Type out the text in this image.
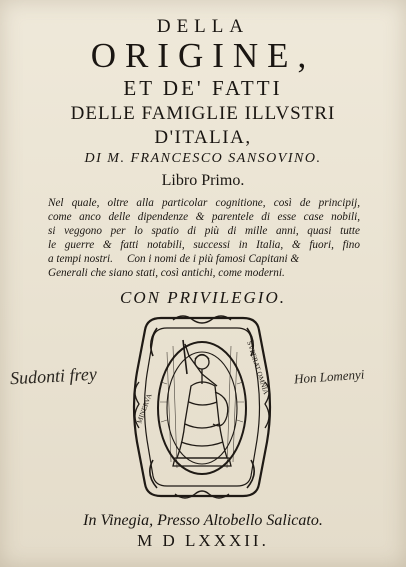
DELLA
ORIGINE,
ET DE' FATTI
DELLE FAMIGLIE ILLVSTRI
D'ITALIA,
DI M. FRANCESCO SANSOVINO.
Libro Primo.
Nel quale, oltre alla particolar cognitione, così de principij,
come anco delle dipendenze & parentele di esse case nobili,
si veggono per lo spatio di più di mille anni, quasi tutte
le guerre & fatti notabili, successi in Italia, & fuori, fino
a tempi nostri. Con i nomi de i più famosi Capitani &
Generali che siano stati, così antichi, come moderni.
CON PRIVILEGIO.
MINERVA
SVPERAT OMNIA
Sudonti frey	Hon Lomenyi
In Vinegia, Presso Altobello Salicato.
M D LXXXII.
